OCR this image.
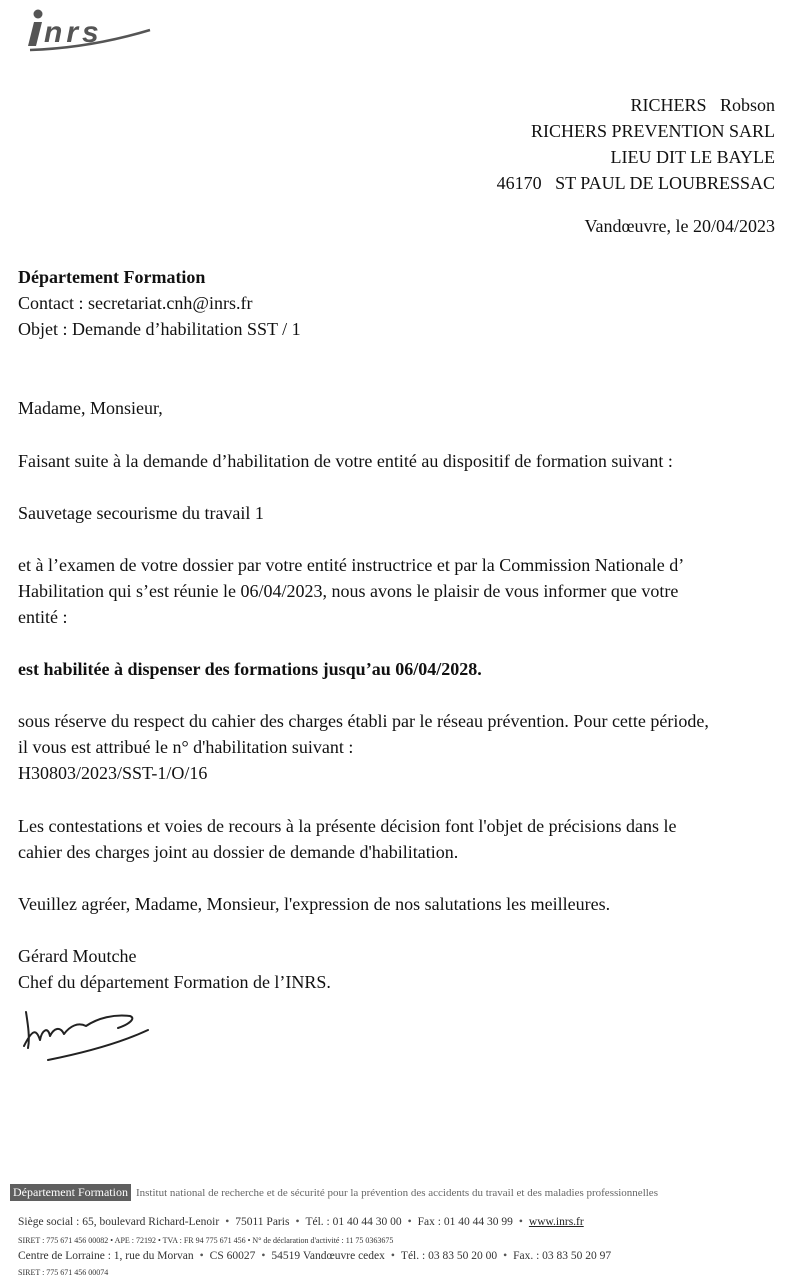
nrs
RICHERS   Robson
RICHERS PREVENTION SARL
LIEU DIT LE BAYLE
46170   ST PAUL DE LOUBRESSAC
Vandœuvre, le 20/04/2023
Département Formation
Contact : secretariat.cnh@inrs.fr
Objet : Demande d’habilitation SST / 1
Madame, Monsieur,
Faisant suite à la demande d’habilitation de votre entité au dispositif de formation suivant :
Sauvetage secourisme du travail 1
et à l’examen de votre dossier par votre entité instructrice et par la Commission Nationale d’
Habilitation qui s’est réunie le 06/04/2023, nous avons le plaisir de vous informer que votre
entité :
est habilitée à dispenser des formations jusqu’au 06/04/2028.
sous réserve du respect du cahier des charges établi par le réseau prévention. Pour cette période,
il vous est attribué le n° d'habilitation suivant :
H30803/2023/SST-1/O/16
Les contestations et voies de recours à la présente décision font l'objet de précisions dans le
cahier des charges joint au dossier de demande d'habilitation.
Veuillez agréer, Madame, Monsieur, l'expression de nos salutations les meilleures.
Gérard Moutche
Chef du département Formation de l’INRS.
Département Formation Institut national de recherche et de sécurité pour la prévention des accidents du travail et des maladies professionnelles
Siège social : 65, boulevard Richard-Lenoir • 75011 Paris • Tél. : 01 40 44 30 00 • Fax : 01 40 44 30 99 • www.inrs.fr
SIRET : 775 671 456 00082 • APE : 72192 • TVA : FR 94 775 671 456 • N° de déclaration d'activité : 11 75 0363675
Centre de Lorraine : 1, rue du Morvan • CS 60027 • 54519 Vandœuvre cedex • Tél. : 03 83 50 20 00 • Fax. : 03 83 50 20 97
SIRET : 775 671 456 00074
